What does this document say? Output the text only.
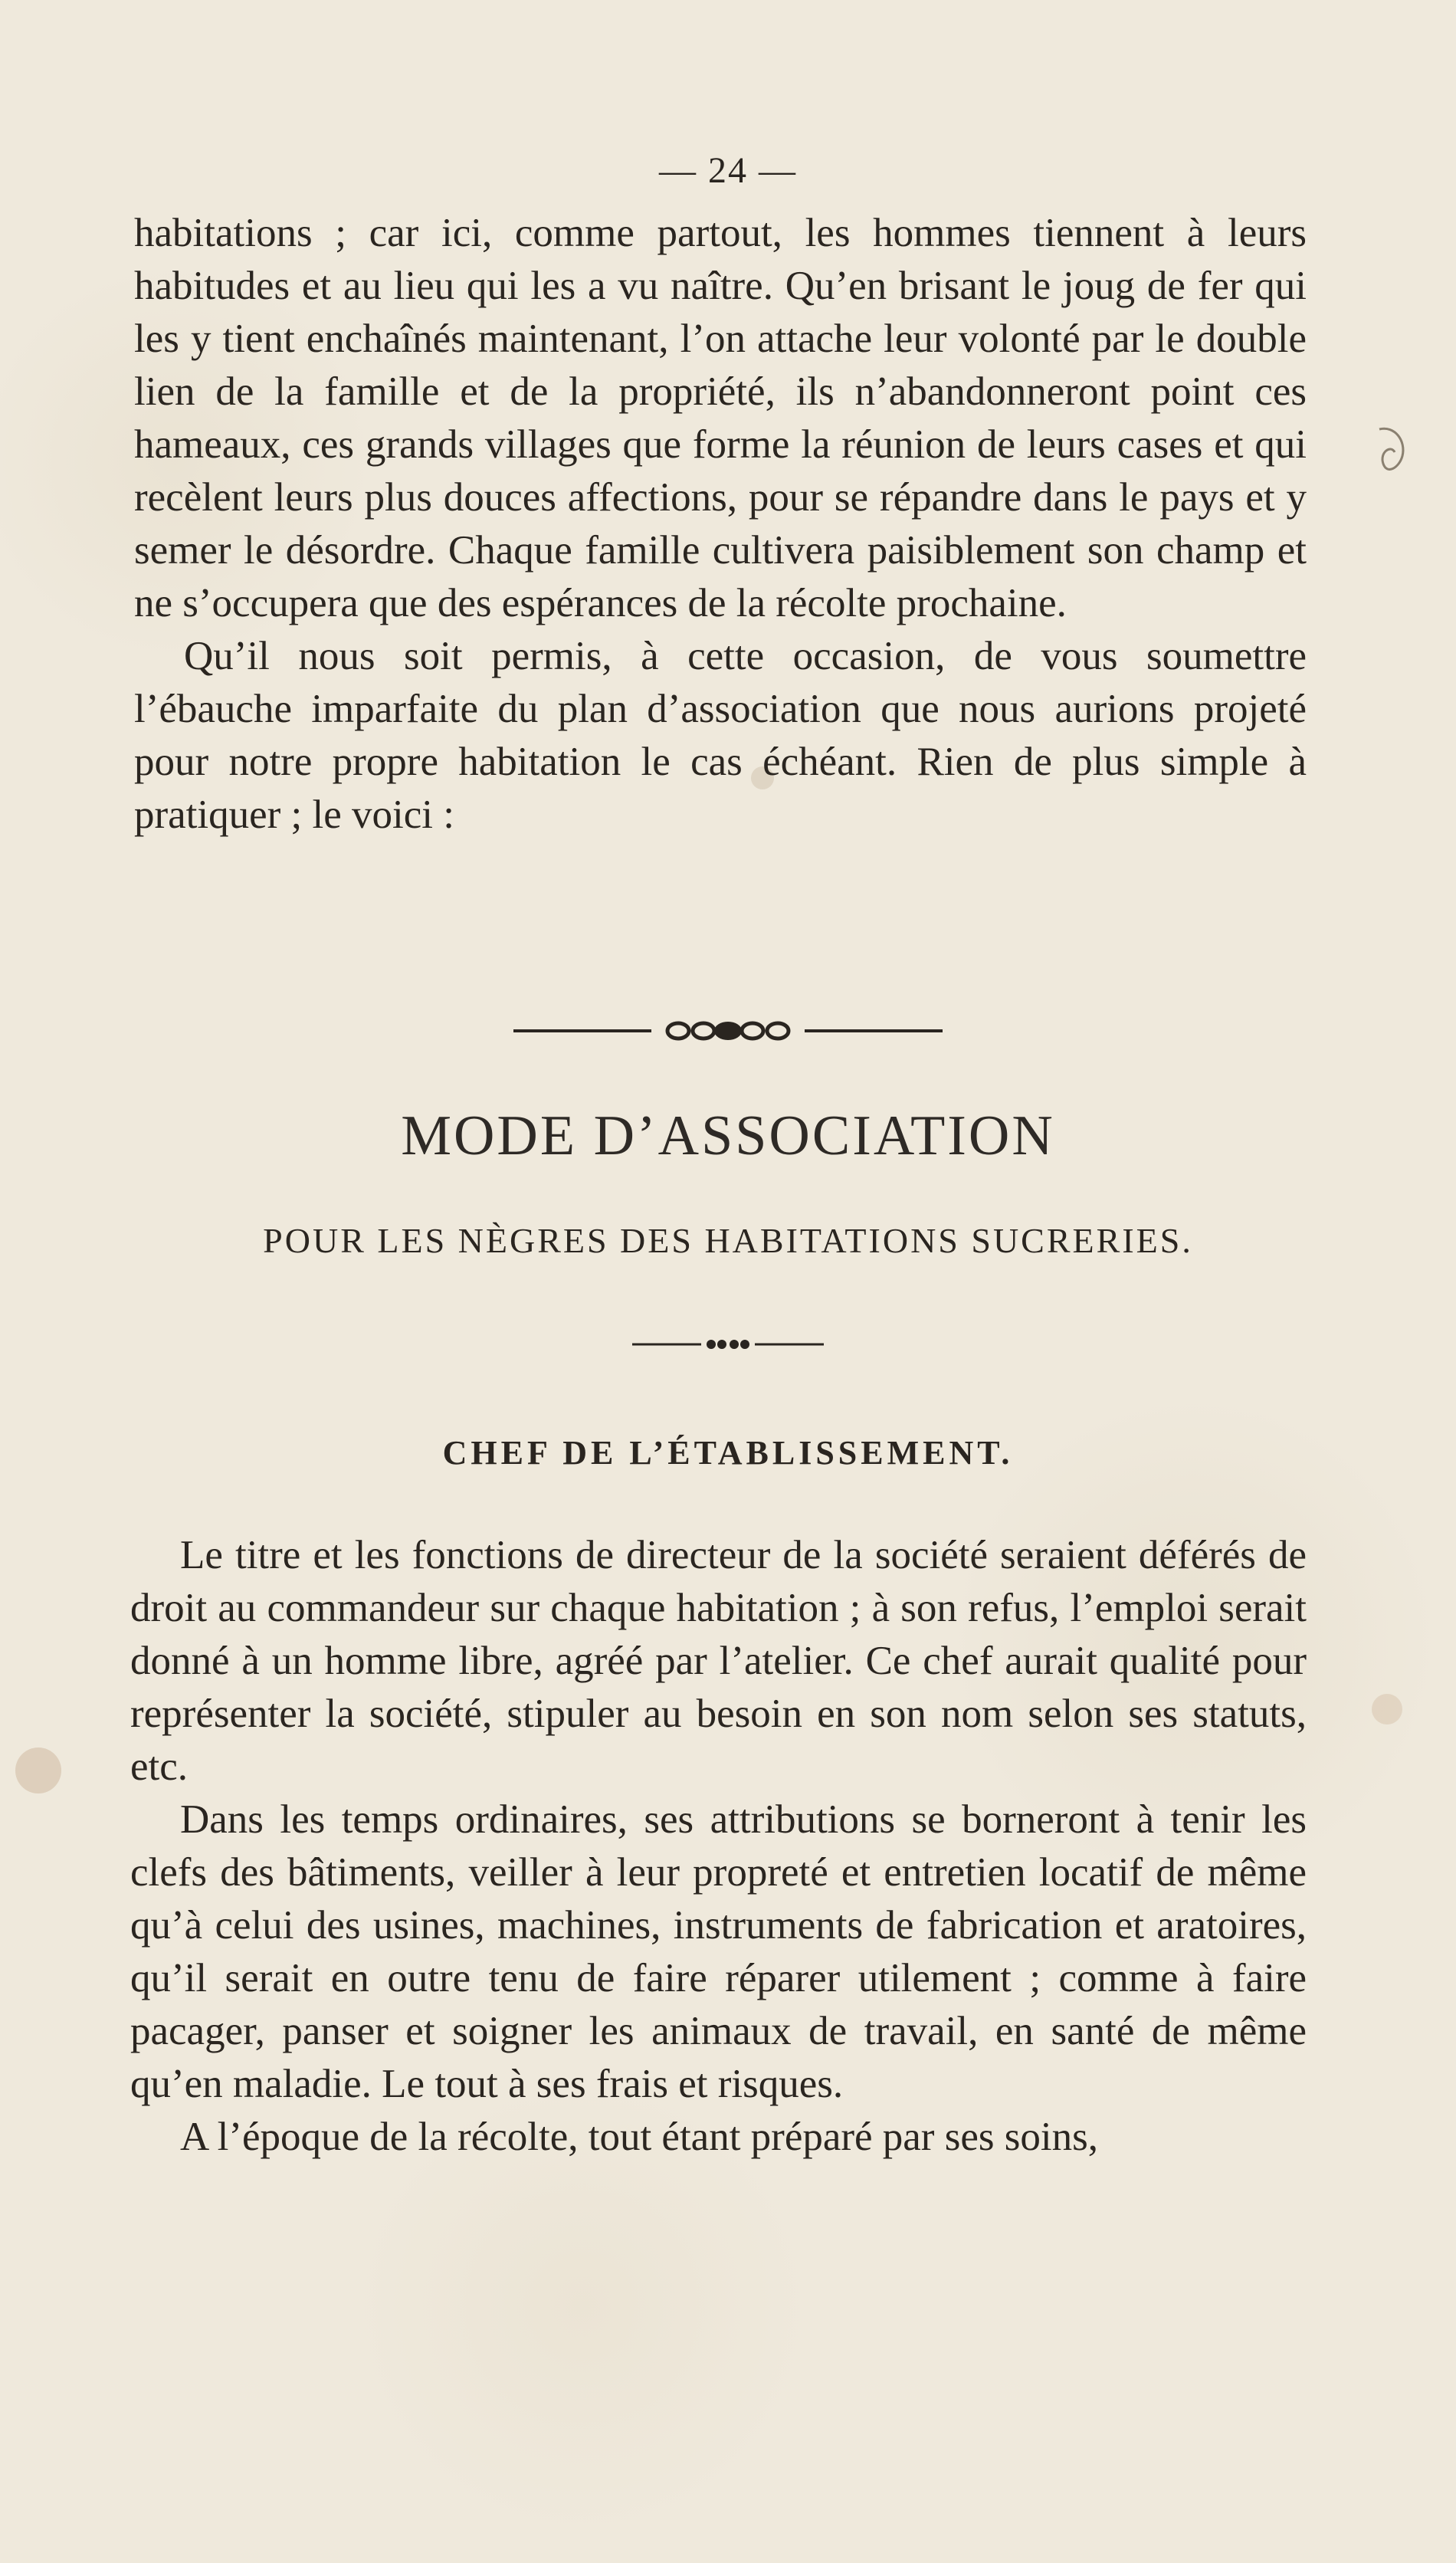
— 24 —

habitations ; car ici, comme partout, les hommes tiennent à leurs habitudes et au lieu qui les a vu naître. Qu’en brisant le joug de fer qui les y tient enchaînés maintenant, l’on attache leur volonté par le double lien de la famille et de la propriété, ils n’abandonneront point ces hameaux, ces grands villages que forme la réunion de leurs cases et qui recèlent leurs plus douces affections, pour se répandre dans le pays et y semer le désordre. Chaque famille cultivera paisiblement son champ et ne s’occupera que des espérances de la récolte prochaine.

Qu’il nous soit permis, à cette occasion, de vous soumettre l’ébauche imparfaite du plan d’association que nous aurions projeté pour notre propre habitation le cas échéant. Rien de plus simple à pratiquer ; le voici :

MODE D’ASSOCIATION
POUR LES NÈGRES DES HABITATIONS SUCRERIES.
CHEF DE L’ÉTABLISSEMENT.

Le titre et les fonctions de directeur de la société seraient déférés de droit au commandeur sur chaque habitation ; à son refus, l’emploi serait donné à un homme libre, agréé par l’atelier. Ce chef aurait qualité pour représenter la société, stipuler au besoin en son nom selon ses statuts, etc.

Dans les temps ordinaires, ses attributions se borneront à tenir les clefs des bâtiments, veiller à leur propreté et entretien locatif de même qu’à celui des usines, machines, instruments de fabrication et aratoires, qu’il serait en outre tenu de faire réparer utilement ; comme à faire pacager, panser et soigner les animaux de travail, en santé de même qu’en maladie. Le tout à ses frais et risques.

A l’époque de la récolte, tout étant préparé par ses soins,
